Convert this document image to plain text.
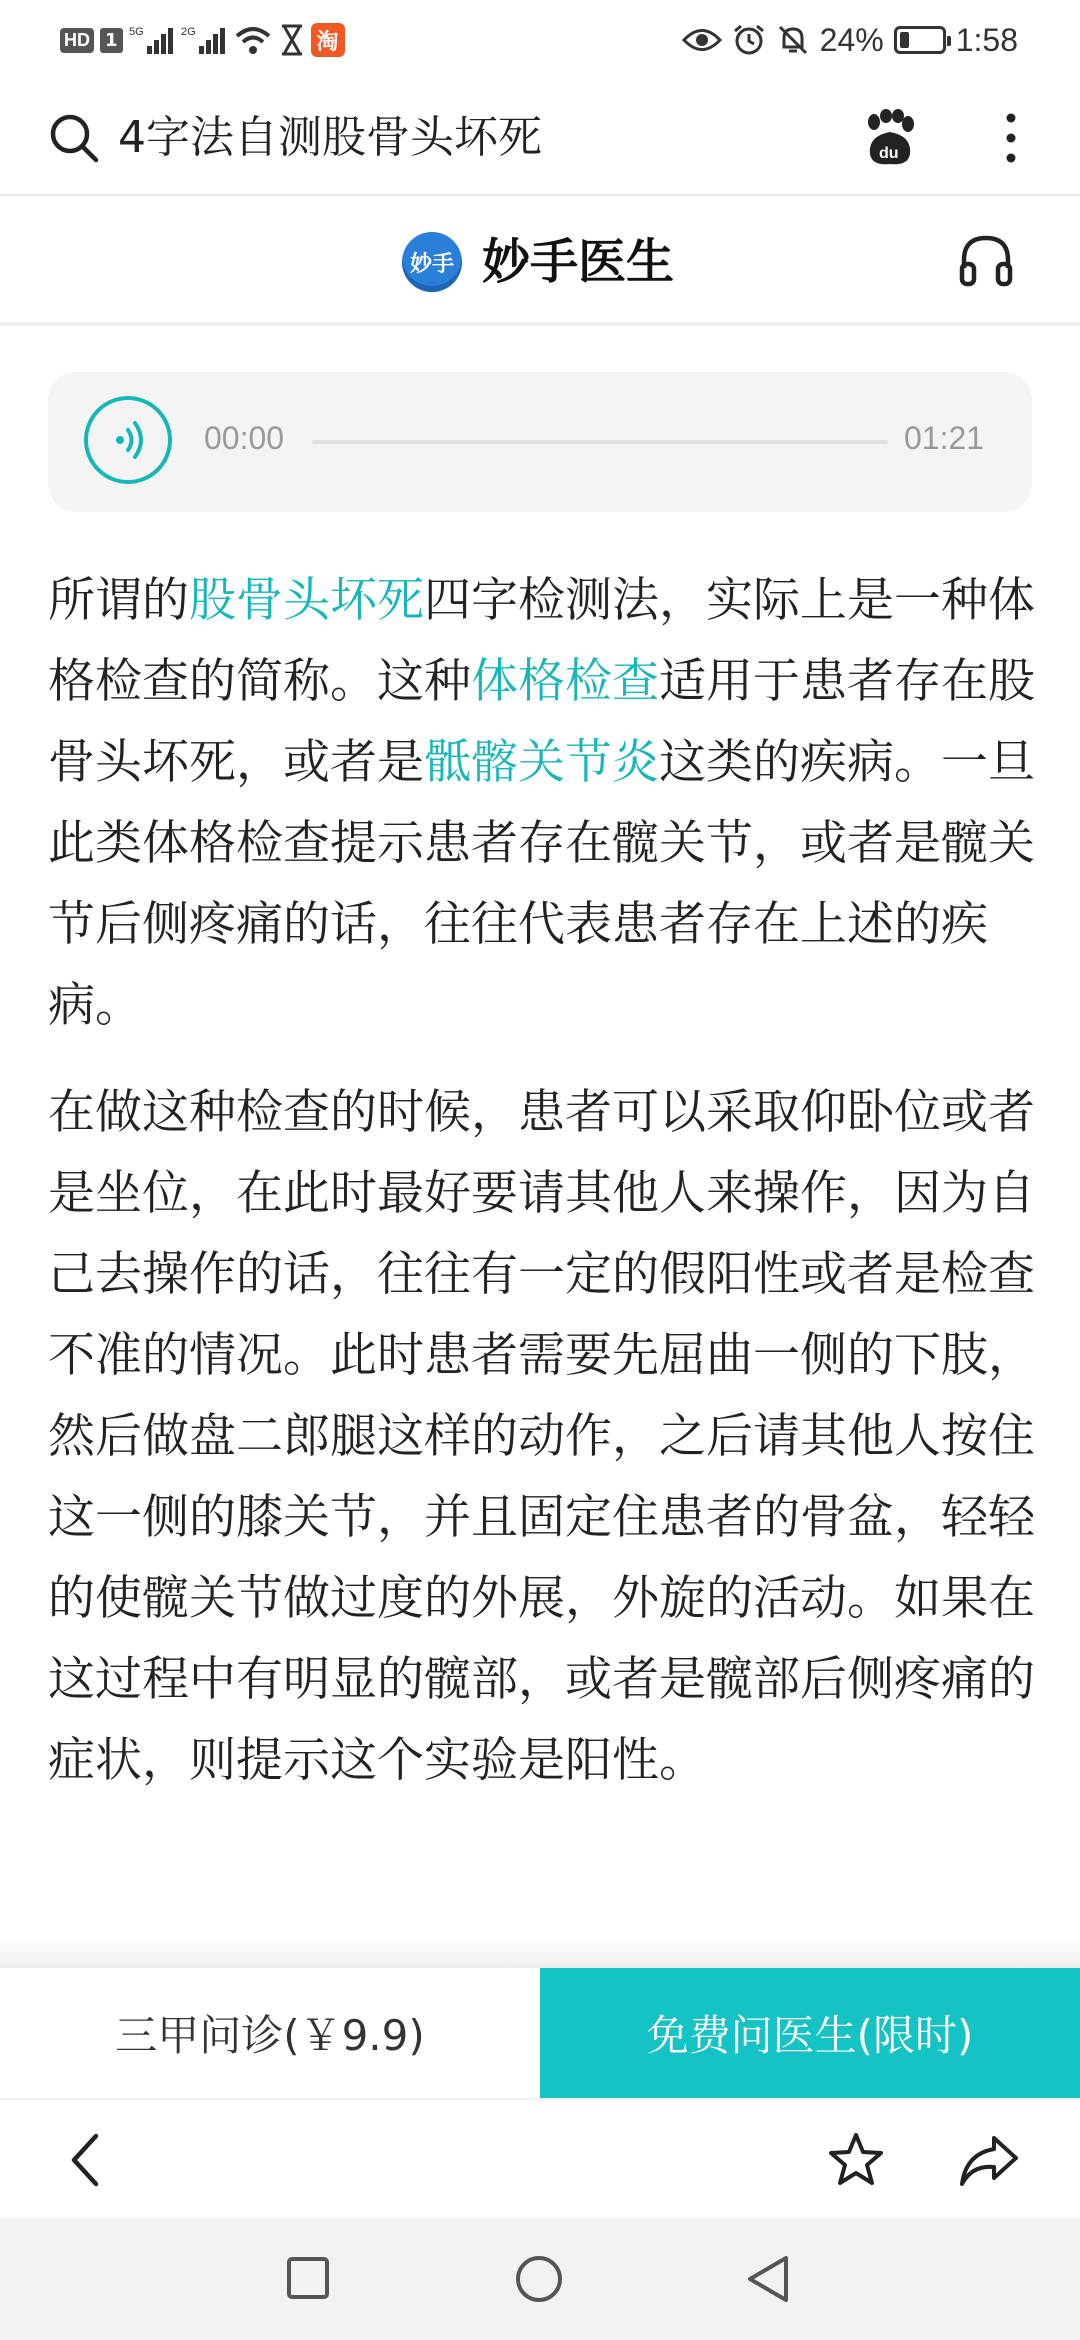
HD 1	5G	2G	淘	24% 1:58
4字法自测股骨头坏死	du
妙手 妙手医生
00:00	01:21

所谓的股骨头坏死四字检测法，实际上是一种体格检查的简称。这种体格检查适用于患者存在股骨头坏死，或者是骶髂关节炎这类的疾病。一旦此类体格检查提示患者存在髋关节，或者是髋关节后侧疼痛的话，往往代表患者存在上述的疾病。

在做这种检查的时候，患者可以采取仰卧位或者是坐位，在此时最好要请其他人来操作，因为自己去操作的话，往往有一定的假阳性或者是检查不准的情况。此时患者需要先屈曲一侧的下肢，然后做盘二郎腿这样的动作，之后请其他人按住这一侧的膝关节，并且固定住患者的骨盆，轻轻的使髋关节做过度的外展，外旋的活动。如果在这过程中有明显的髋部，或者是髋部后侧疼痛的症状，则提示这个实验是阳性。

三甲问诊(￥9.9)	免费问医生(限时)
